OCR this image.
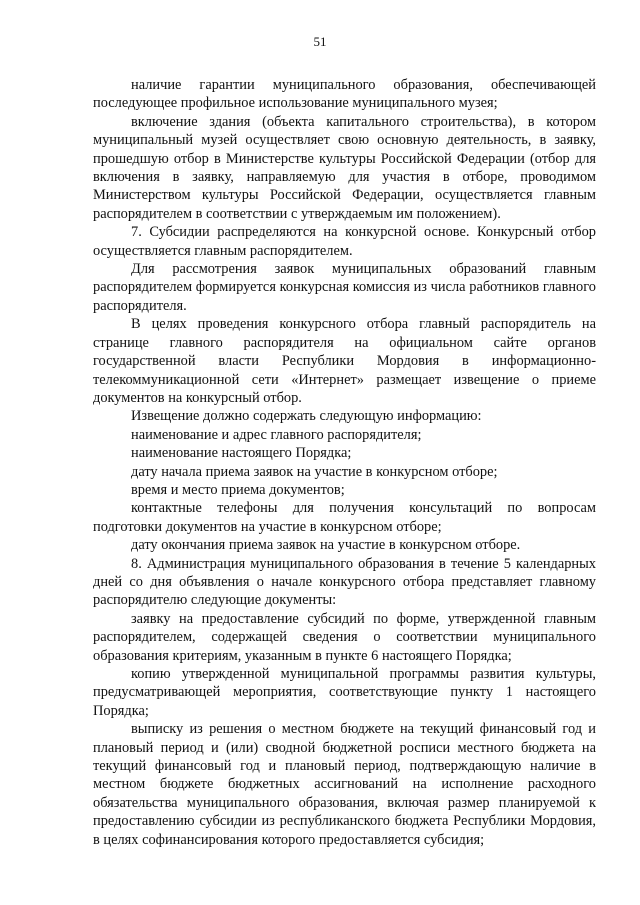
51

наличие гарантии муниципального образования, обеспечивающей последующее профильное использование муниципального музея;

включение здания (объекта капитального строительства), в котором муниципальный музей осуществляет свою основную деятельность, в заявку, прошедшую отбор в Министерстве культуры Российской Федерации (отбор для включения в заявку, направляемую для участия в отборе, проводимом Министерством культуры Российской Федерации, осуществляется главным распорядителем в соответствии с утверждаемым им положением).

7. Субсидии распределяются на конкурсной основе. Конкурсный отбор осуществляется главным распорядителем.

Для рассмотрения заявок муниципальных образований главным распорядителем формируется конкурсная комиссия из числа работников главного распорядителя.

В целях проведения конкурсного отбора главный распорядитель на странице главного распорядителя на официальном сайте органов государственной власти Республики Мордовия в информационно-телекоммуникационной сети «Интернет» размещает извещение о приеме документов на конкурсный отбор.

Извещение должно содержать следующую информацию:

наименование и адрес главного распорядителя;

наименование настоящего Порядка;

дату начала приема заявок на участие в конкурсном отборе;

время и место приема документов;

контактные телефоны для получения консультаций по вопросам подготовки документов на участие в конкурсном отборе;

дату окончания приема заявок на участие в конкурсном отборе.

8. Администрация муниципального образования в течение 5 календарных дней со дня объявления о начале конкурсного отбора представляет главному распорядителю следующие документы:

заявку на предоставление субсидий по форме, утвержденной главным распорядителем, содержащей сведения о соответствии муниципального образования критериям, указанным в пункте 6 настоящего Порядка;

копию утвержденной муниципальной программы развития культуры, предусматривающей мероприятия, соответствующие пункту 1 настоящего Порядка;

выписку из решения о местном бюджете на текущий финансовый год и плановый период и (или) сводной бюджетной росписи местного бюджета на текущий финансовый год и плановый период, подтверждающую наличие в местном бюджете бюджетных ассигнований на исполнение расходного обязательства муниципального образования, включая размер планируемой к предоставлению субсидии из республиканского бюджета Республики Мордовия, в целях софинансирования которого предоставляется субсидия;
